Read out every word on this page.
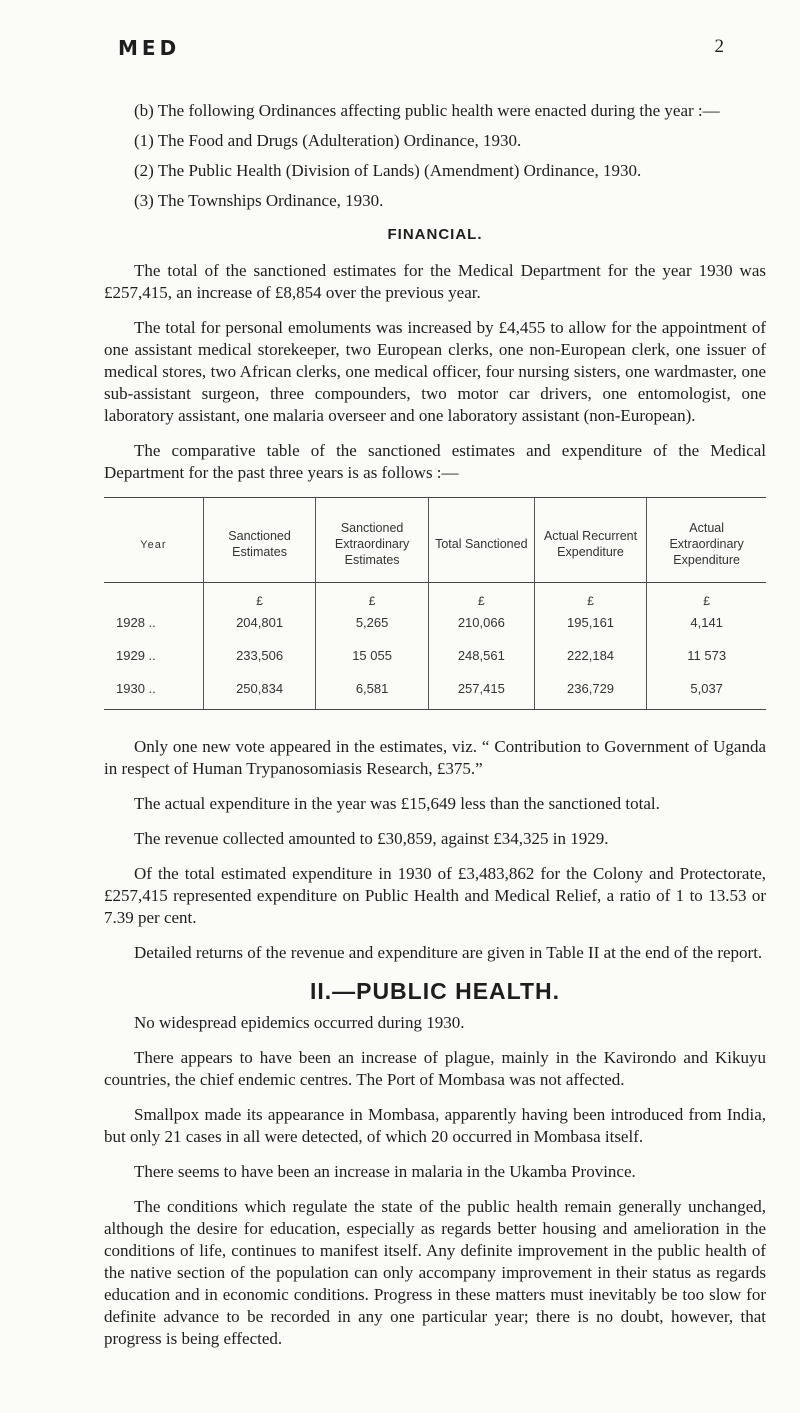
MED	2

(b) The following Ordinances affecting public health were enacted during the year :—

(1) The Food and Drugs (Adulteration) Ordinance, 1930.
(2) The Public Health (Division of Lands) (Amendment) Ordinance, 1930.
(3) The Townships Ordinance, 1930.

FINANCIAL.

The total of the sanctioned estimates for the Medical Department for the year 1930 was £257,415, an increase of £8,854 over the previous year.

The total for personal emoluments was increased by £4,455 to allow for the appointment of one assistant medical storekeeper, two European clerks, one non-European clerk, one issuer of medical stores, two African clerks, one medical officer, four nursing sisters, one wardmaster, one sub-assistant surgeon, three compounders, two motor car drivers, one entomologist, one laboratory assistant, one malaria overseer and one laboratory assistant (non-European).

The comparative table of the sanctioned estimates and expenditure of the Medical Department for the past three years is as follows :—

Year	Sanctioned Estimates	Sanctioned Extraordinary Estimates	Total Sanctioned	Actual Recurrent Expenditure	Actual Extraordinary Expenditure
	£	£	£	£	£
1928 ..	204,801	5,265	210,066	195,161	4,141
1929 ..	233,506	15 055	248,561	222,184	11 573
1930 ..	250,834	6,581	257,415	236,729	5,037

Only one new vote appeared in the estimates, viz. “ Contribution to Government of Uganda in respect of Human Trypanosomiasis Research, £375.”

The actual expenditure in the year was £15,649 less than the sanctioned total.

The revenue collected amounted to £30,859, against £34,325 in 1929.

Of the total estimated expenditure in 1930 of £3,483,862 for the Colony and Protectorate, £257,415 represented expenditure on Public Health and Medical Relief, a ratio of 1 to 13.53 or 7.39 per cent.

Detailed returns of the revenue and expenditure are given in Table II at the end of the report.

II.—PUBLIC HEALTH.

No widespread epidemics occurred during 1930.

There appears to have been an increase of plague, mainly in the Kavirondo and Kikuyu countries, the chief endemic centres. The Port of Mombasa was not affected.

Smallpox made its appearance in Mombasa, apparently having been introduced from India, but only 21 cases in all were detected, of which 20 occurred in Mombasa itself.

There seems to have been an increase in malaria in the Ukamba Province.

The conditions which regulate the state of the public health remain generally unchanged, although the desire for education, especially as regards better housing and amelioration in the conditions of life, continues to manifest itself. Any definite improvement in the public health of the native section of the population can only accompany improvement in their status as regards education and in economic conditions. Progress in these matters must inevitably be too slow for definite advance to be recorded in any one particular year; there is no doubt, however, that progress is being effected.
